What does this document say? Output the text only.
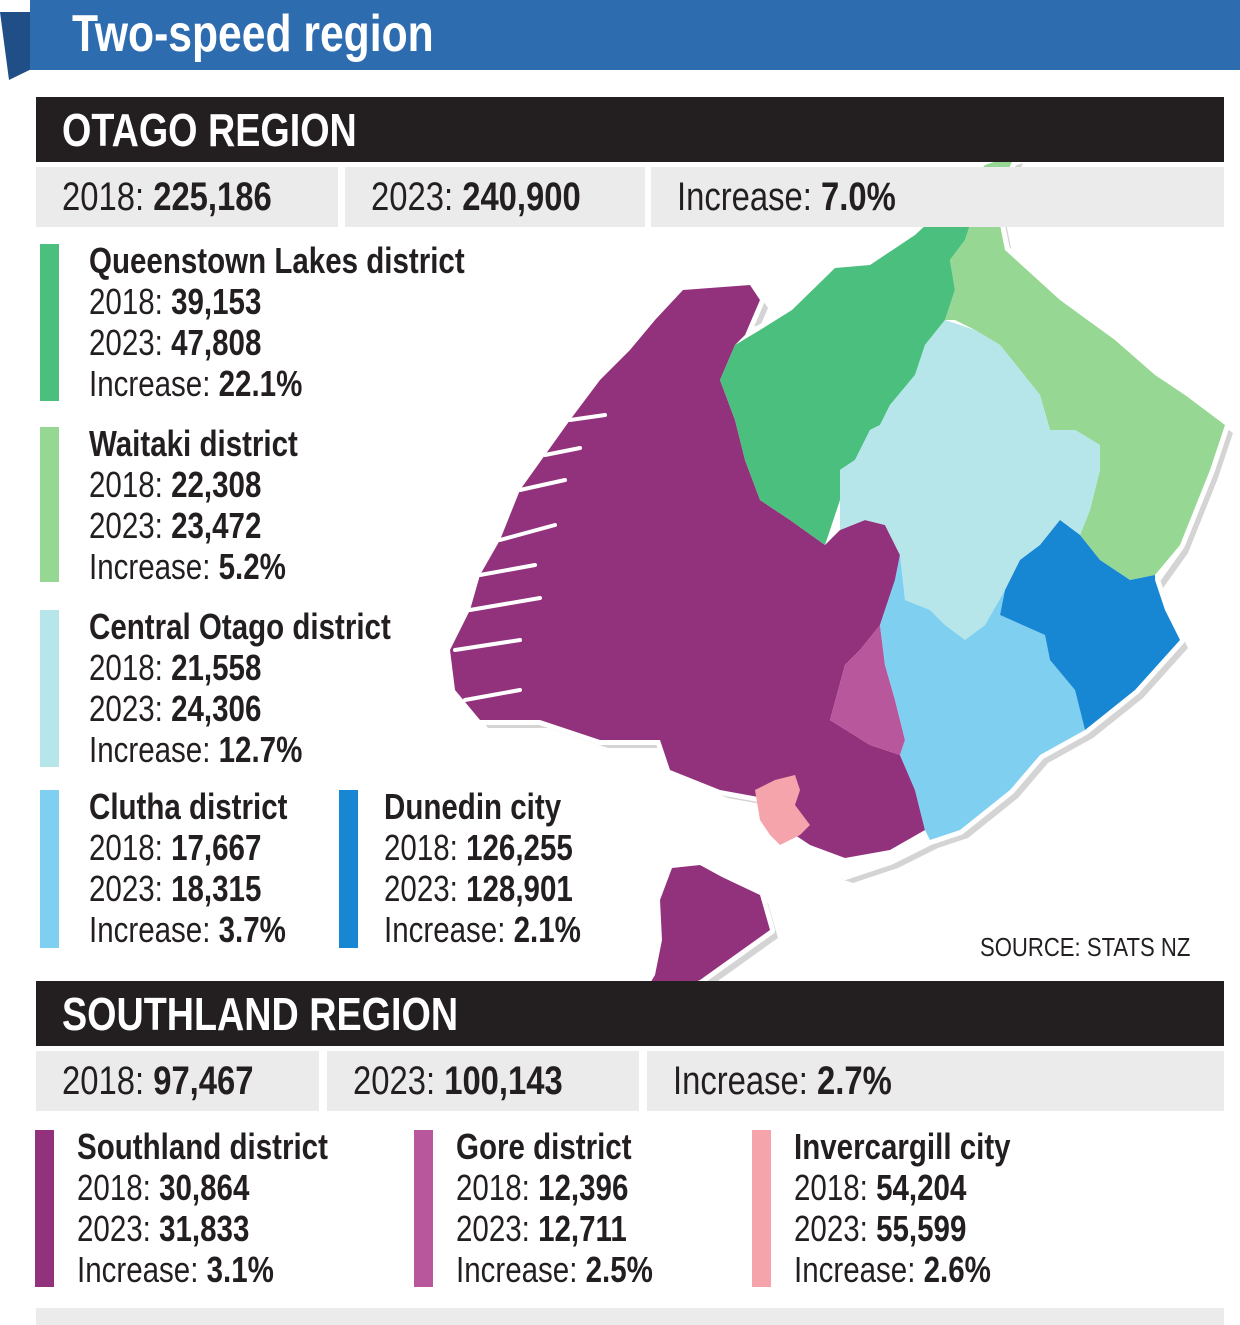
Two-speed region
OTAGO REGION
2018: 225,186 2023: 240,900 Increase: 7.0%
Queenstown Lakes district
2018: 39,153
2023: 47,808
Increase: 22.1%
Waitaki district
2018: 22,308
2023: 23,472
Increase: 5.2%
Central Otago district
2018: 21,558
2023: 24,306
Increase: 12.7%
Clutha district
2018: 17,667
2023: 18,315
Increase: 3.7%
Dunedin city
2018: 126,255
2023: 128,901
Increase: 2.1%	SOURCE: STATS NZ
SOUTHLAND REGION
2018: 97,467 2023: 100,143	Increase: 2.7%
Southland district
2018: 30,864
2023: 31,833
Increase: 3.1%
Gore district
2018: 12,396
2023: 12,711
Increase: 2.5%
Invercargill city
2018: 54,204
2023: 55,599
Increase: 2.6%
